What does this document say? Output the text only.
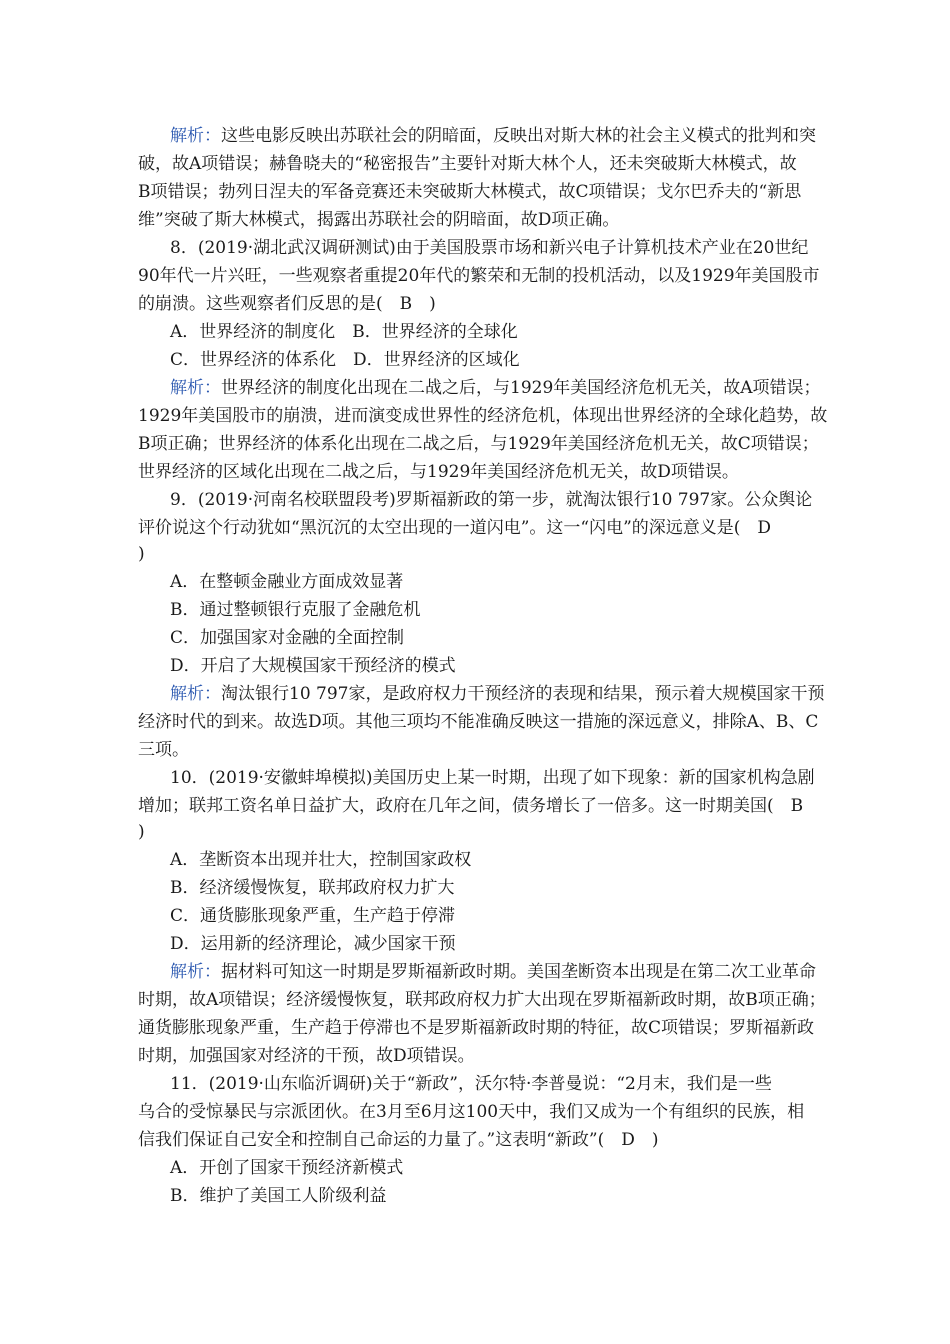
解析：这些电影反映出苏联社会的阴暗面，反映出对斯大林的社会主义模式的批判和突
破，故A项错误；赫鲁晓夫的“秘密报告”主要针对斯大林个人，还未突破斯大林模式，故
B项错误；勃列日涅夫的军备竞赛还未突破斯大林模式，故C项错误；戈尔巴乔夫的“新思
维”突破了斯大林模式，揭露出苏联社会的阴暗面，故D项正确。
8．(2019·湖北武汉调研测试)由于美国股票市场和新兴电子计算机技术产业在20世纪
90年代一片兴旺，一些观察者重提20年代的繁荣和无制的投机活动，以及1929年美国股市
的崩溃。这些观察者们反思的是(　B　)
A．世界经济的制度化　B．世界经济的全球化
C．世界经济的体系化　D．世界经济的区域化
解析：世界经济的制度化出现在二战之后，与1929年美国经济危机无关，故A项错误；
1929年美国股市的崩溃，进而演变成世界性的经济危机，体现出世界经济的全球化趋势，故
B项正确；世界经济的体系化出现在二战之后，与1929年美国经济危机无关，故C项错误；
世界经济的区域化出现在二战之后，与1929年美国经济危机无关，故D项错误。
9．(2019·河南名校联盟段考)罗斯福新政的第一步，就淘汰银行10 797家。公众舆论
评价说这个行动犹如“黑沉沉的太空出现的一道闪电”。这一“闪电”的深远意义是(　D
)
A．在整顿金融业方面成效显著
B．通过整顿银行克服了金融危机
C．加强国家对金融的全面控制
D．开启了大规模国家干预经济的模式
解析：淘汰银行10 797家，是政府权力干预经济的表现和结果，预示着大规模国家干预
经济时代的到来。故选D项。其他三项均不能准确反映这一措施的深远意义，排除A、B、C
三项。
10．(2019·安徽蚌埠模拟)美国历史上某一时期，出现了如下现象：新的国家机构急剧
增加；联邦工资名单日益扩大，政府在几年之间，债务增长了一倍多。这一时期美国(　B
)
A．垄断资本出现并壮大，控制国家政权
B．经济缓慢恢复，联邦政府权力扩大
C．通货膨胀现象严重，生产趋于停滞
D．运用新的经济理论，减少国家干预
解析：据材料可知这一时期是罗斯福新政时期。美国垄断资本出现是在第二次工业革命
时期，故A项错误；经济缓慢恢复，联邦政府权力扩大出现在罗斯福新政时期，故B项正确；
通货膨胀现象严重，生产趋于停滞也不是罗斯福新政时期的特征，故C项错误；罗斯福新政
时期，加强国家对经济的干预，故D项错误。
11．(2019·山东临沂调研)关于“新政”，沃尔特·李普曼说：“2月末，我们是一些
乌合的受惊暴民与宗派团伙。在3月至6月这100天中，我们又成为一个有组织的民族，相
信我们保证自己安全和控制自己命运的力量了。”这表明“新政”(　D　)
A．开创了国家干预经济新模式
B．维护了美国工人阶级利益
